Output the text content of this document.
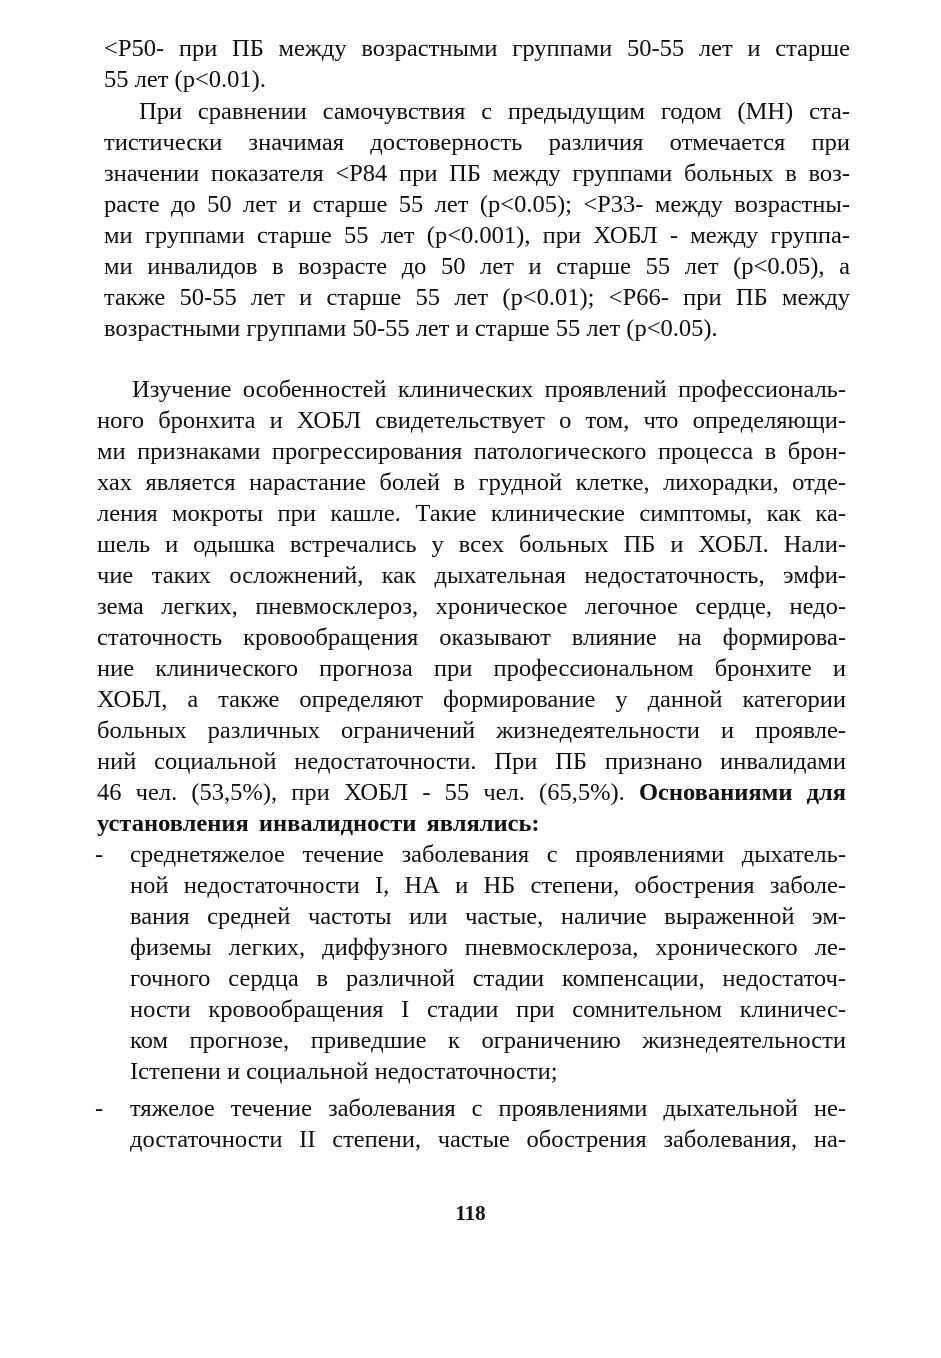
<P50- при ПБ между возрастными группами 50-55 лет и старше
55 лет (p<0.01).
При сравнении самочувствия с предыдущим годом (МН) ста-
тистически значимая достоверность различия отмечается при
значении показателя <P84 при ПБ между группами больных в воз-
расте до 50 лет и старше 55 лет (p<0.05); <P33- между возрастны-
ми группами старше 55 лет (p<0.001), при ХОБЛ - между группа-
ми инвалидов в возрасте до 50 лет и старше 55 лет (p<0.05), а
также 50-55 лет и старше 55 лет (p<0.01); <P66- при ПБ между
возрастными группами 50-55 лет и старше 55 лет (p<0.05).
Изучение особенностей клинических проявлений профессиональ-
ного бронхита и ХОБЛ свидетельствует о том, что определяющи-
ми признаками прогрессирования патологического процесса в брон-
хах является нарастание болей в грудной клетке, лихорадки, отде-
ления мокроты при кашле. Такие клинические симптомы, как ка-
шель и одышка встречались у всех больных ПБ и ХОБЛ. Нали-
чие таких осложнений, как дыхательная недостаточность, эмфи-
зема легких, пневмосклероз, хроническое легочное сердце, недо-
статочность кровообращения оказывают влияние на формирова-
ние клинического прогноза при профессиональном бронхите и
ХОБЛ, а также определяют формирование у данной категории
больных различных ограничений жизнедеятельности и проявле-
ний социальной недостаточности. При ПБ признано инвалидами
46 чел. (53,5%), при ХОБЛ - 55 чел. (65,5%). Основаниями для
установления инвалидности являлись:
- среднетяжелое течение заболевания с проявлениями дыхатель-
ной недостаточности I, НА и НБ степени, обострения заболе-
вания средней частоты или частые, наличие выраженной эм-
физемы легких, диффузного пневмосклероза, хронического ле-
гочного сердца в различной стадии компенсации, недостаточ-
ности кровообращения I стадии при сомнительном клиничес-
ком прогнозе, приведшие к ограничению жизнедеятельности
Iстепени и социальной недостаточности;
- тяжелое течение заболевания с проявлениями дыхательной не-
достаточности II степени, частые обострения заболевания, на-
118
